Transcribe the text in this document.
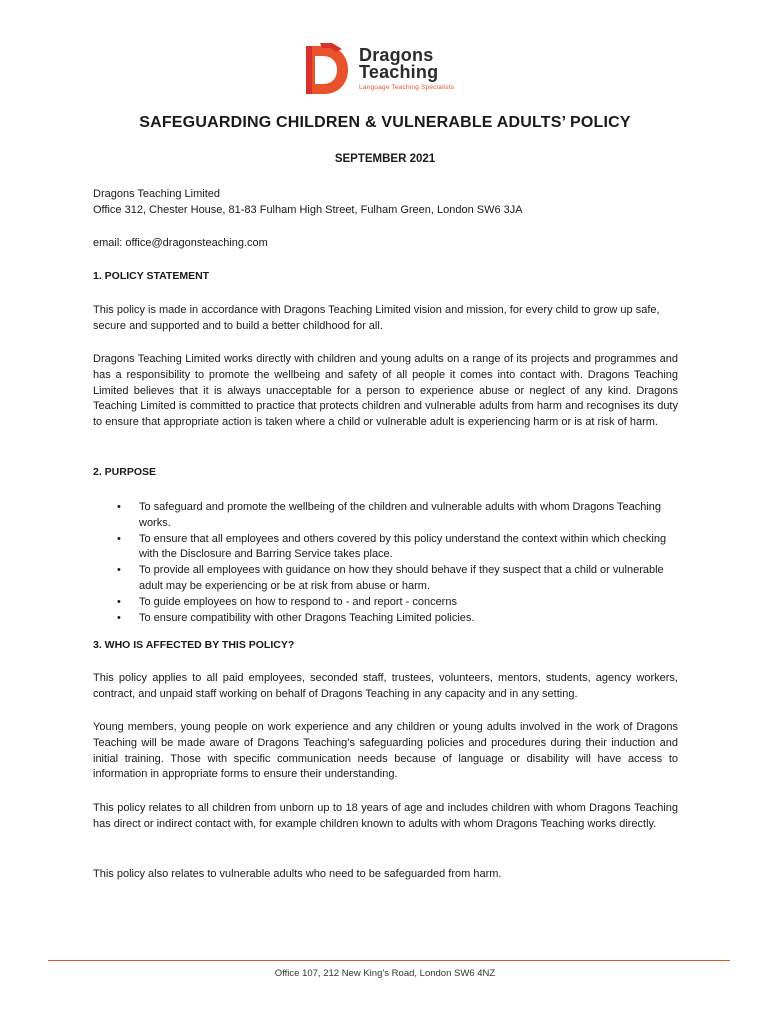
Dragons
Teaching
Language Teaching Specialists
SAFEGUARDING CHILDREN & VULNERABLE ADULTS’ POLICY
SEPTEMBER 2021

Dragons Teaching Limited

Office 312, Chester House, 81-83 Fulham High Street, Fulham Green, London SW6 3JA

email: office@dragonsteaching.com
1. POLICY STATEMENT
This policy is made in accordance with Dragons Teaching Limited vision and mission, for every child to grow up safe, secure and supported and to build a better childhood for all.
Dragons Teaching Limited works directly with children and young adults on a range of its projects and programmes and has a responsibility to promote the wellbeing and safety of all people it comes into contact with. Dragons Teaching Limited believes that it is always unacceptable for a person to experience abuse or neglect of any kind. Dragons Teaching Limited is committed to practice that protects children and vulnerable adults from harm and recognises its duty to ensure that appropriate action is taken where a child or vulnerable adult is experiencing harm or is at risk of harm.
2. PURPOSE
• To safeguard and promote the wellbeing of the children and vulnerable adults with whom Dragons Teaching works.
• To ensure that all employees and others covered by this policy understand the context within which checking with the Disclosure and Barring Service takes place.
• To provide all employees with guidance on how they should behave if they suspect that a child or vulnerable adult may be experiencing or be at risk from abuse or harm.
• To guide employees on how to respond to - and report - concerns
• To ensure compatibility with other Dragons Teaching Limited policies.
3. WHO IS AFFECTED BY THIS POLICY?
This policy applies to all paid employees, seconded staff, trustees, volunteers, mentors, students, agency workers, contract, and unpaid staff working on behalf of Dragons Teaching in any capacity and in any setting.
Young members, young people on work experience and any children or young adults involved in the work of Dragons Teaching will be made aware of Dragons Teaching’s safeguarding policies and procedures during their induction and initial training. Those with specific communication needs because of language or disability will have access to information in appropriate forms to ensure their understanding.
This policy relates to all children from unborn up to 18 years of age and includes children with whom Dragons Teaching has direct or indirect contact with, for example children known to adults with whom Dragons Teaching works directly.
This policy also relates to vulnerable adults who need to be safeguarded from harm.
Office 107, 212 New King’s Road, London SW6 4NZ
